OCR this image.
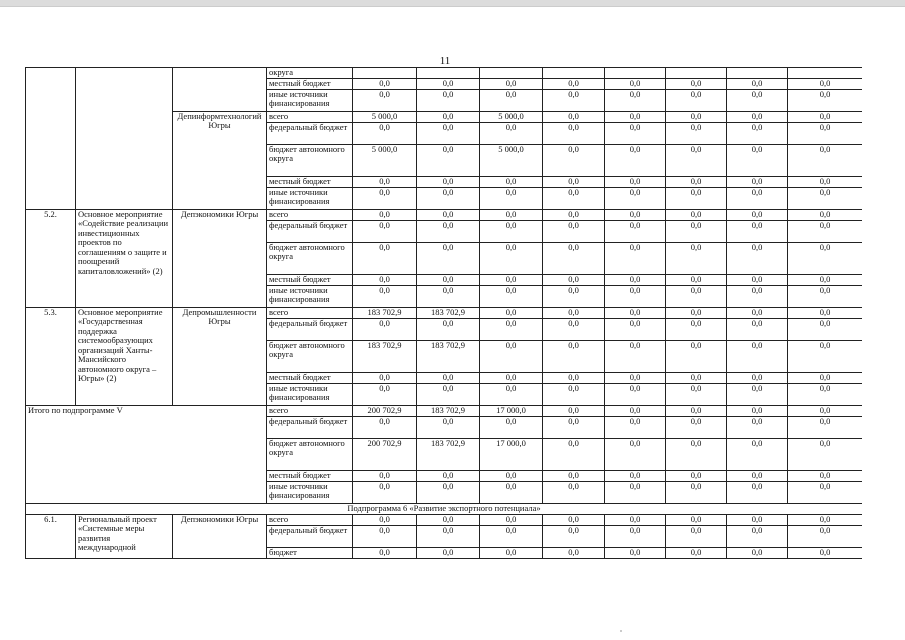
11
			округа								
			местный бюджет	0,0	0,0	0,0	0,0	0,0	0,0	0,0	0,0
			иные источники финансирования	0,0	0,0	0,0	0,0	0,0	0,0	0,0	0,0
		Депинформтехнологий Югры	всего	5 000,0	0,0	5 000,0	0,0	0,0	0,0	0,0	0,0
			федеральный бюджет	0,0	0,0	0,0	0,0	0,0	0,0	0,0	0,0
			бюджет автономного округа	5 000,0	0,0	5 000,0	0,0	0,0	0,0	0,0	0,0
			местный бюджет	0,0	0,0	0,0	0,0	0,0	0,0	0,0	0,0
			иные источники финансирования	0,0	0,0	0,0	0,0	0,0	0,0	0,0	0,0
5.2.	Основное мероприятие «Содействие реализации инвестиционных проектов по соглашениям о защите и поощрений капиталовложений» (2)	Депэкономики Югры	всего	0,0	0,0	0,0	0,0	0,0	0,0	0,0	0,0
			федеральный бюджет	0,0	0,0	0,0	0,0	0,0	0,0	0,0	0,0
			бюджет автономного округа	0,0	0,0	0,0	0,0	0,0	0,0	0,0	0,0
			местный бюджет	0,0	0,0	0,0	0,0	0,0	0,0	0,0	0,0
			иные источники финансирования	0,0	0,0	0,0	0,0	0,0	0,0	0,0	0,0
5.3.	Основное мероприятие «Государственная поддержка системообразующих организаций Ханты-Мансийского автономного округа – Югры» (2)	Депромышленности Югры	всего	183 702,9	183 702,9	0,0	0,0	0,0	0,0	0,0	0,0
			федеральный бюджет	0,0	0,0	0,0	0,0	0,0	0,0	0,0	0,0
			бюджет автономного округа	183 702,9	183 702,9	0,0	0,0	0,0	0,0	0,0	0,0
			местный бюджет	0,0	0,0	0,0	0,0	0,0	0,0	0,0	0,0
			иные источники финансирования	0,0	0,0	0,0	0,0	0,0	0,0	0,0	0,0
Итого по подпрограмме V			всего	200 702,9	183 702,9	17 000,0	0,0	0,0	0,0	0,0	0,0
			федеральный бюджет	0,0	0,0	0,0	0,0	0,0	0,0	0,0	0,0
			бюджет автономного округа	200 702,9	183 702,9	17 000,0	0,0	0,0	0,0	0,0	0,0
			местный бюджет	0,0	0,0	0,0	0,0	0,0	0,0	0,0	0,0
			иные источники финансирования	0,0	0,0	0,0	0,0	0,0	0,0	0,0	0,0
Подпрограмма 6 «Развитие экспортного потенциала»											
6.1.	Региональный проект «Системные меры развития международной	Депэкономики Югры	всего	0,0	0,0	0,0	0,0	0,0	0,0	0,0	0,0
			федеральный бюджет	0,0	0,0	0,0	0,0	0,0	0,0	0,0	0,0
			бюджет	0,0	0,0	0,0	0,0	0,0	0,0	0,0	0,0
